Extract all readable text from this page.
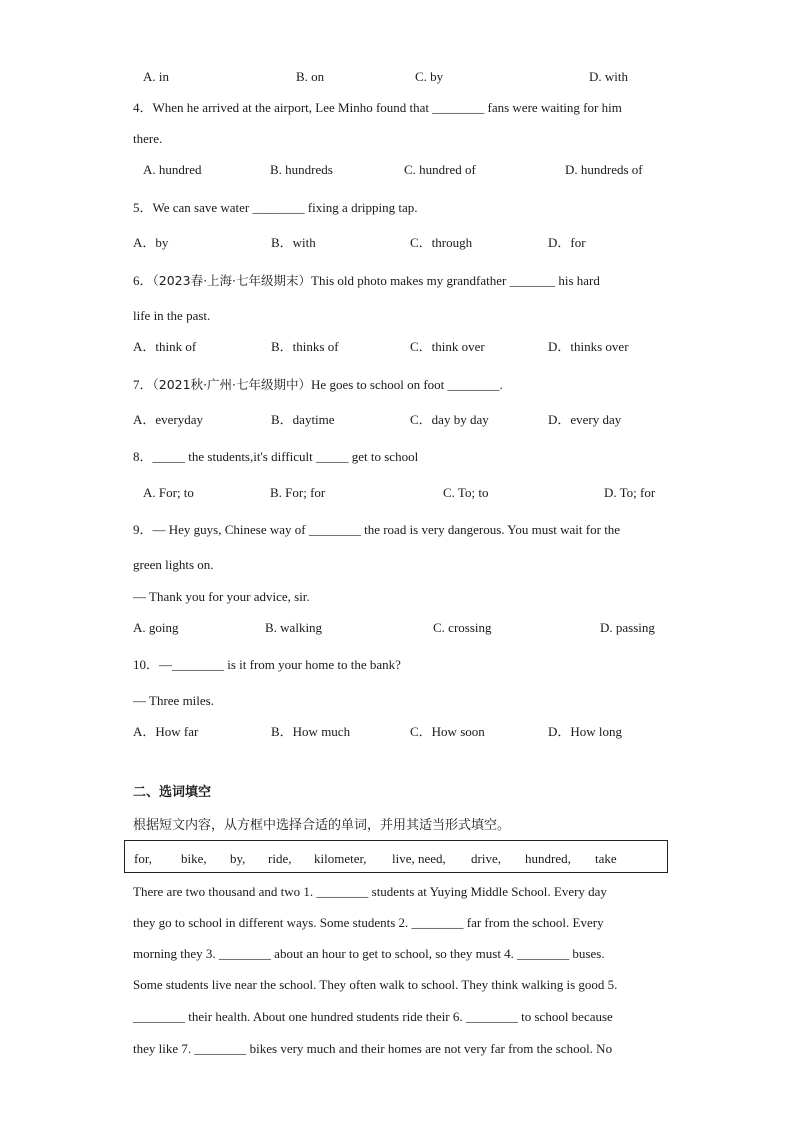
A. in	B. on	C. by	D. with
4．When he arrived at the airport, Lee Minho found that ________ fans were waiting for him
there.
A. hundred	B. hundreds	C. hundred of	D. hundreds of
5．We can save water ________ fixing a dripping tap.
A．by	B．with	C．through	D．for
6．（2023春·上海·七年级期末）This old photo makes my grandfather _______ his hard
life in the past.
A．think of	B．thinks of	C．think over	D．thinks over
7．（2021秋·广州·七年级期中）He goes to school on foot ________.
A．everyday	B．daytime	C．day by day	D．every day
8．_____ the students,it's difficult _____ get to school
A. For; to	B. For; for	C. To; to	D. To; for
9．— Hey guys, Chinese way of ________ the road is very dangerous. You must wait for the
green lights on.
— Thank you for your advice, sir.
A. going	B. walking	C. crossing	D. passing
10．—________ is it from your home to the bank?
— Three miles.
A．How far	B．How much	C．How soon	D．How long
二、选词填空
根据短文内容，从方框中选择合适的单词，并用其适当形式填空。
for, bike, by, ride, kilometer, live, need, drive, hundred, take
There are two thousand and two 1. ________ students at Yuying Middle School. Every day
they go to school in different ways. Some students 2. ________ far from the school. Every
morning they 3. ________ about an hour to get to school, so they must 4. ________ buses.
Some students live near the school. They often walk to school. They think walking is good 5.
________ their health. About one hundred students ride their 6. ________ to school because
they like 7. ________ bikes very much and their homes are not very far from the school. No
